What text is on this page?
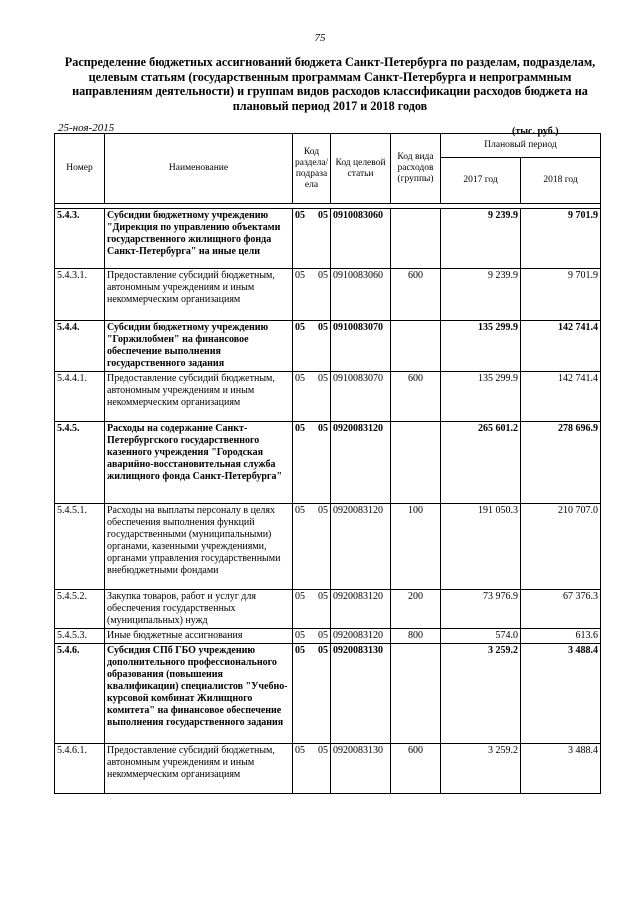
75
Распределение бюджетных ассигнований бюджета Санкт-Петербурга по разделам, подразделам, целевым статьям (государственным программам Санкт-Петербурга и непрограммным направлениям деятельности) и группам видов расходов классификации расходов бюджета на плановый период 2017 и 2018 годов
25-ноя-2015	(тыс. руб.)
Номер	Наименование	Код раздела/ подраза ела	Код целевой статьи	Код вида расходов (группы)	Плановый период	
					2017 год	2018 год

5.4.3.	Субсидии бюджетному учреждению "Дирекция по управлению объектами государственного жилищного фонда Санкт-Петербурга" на иные цели	05 05	0910083060		9 239.9	9 701.9
5.4.3.1.	Предоставление субсидий бюджетным, автономным учреждениям и иным некоммерческим организациям	05 05	0910083060	600	9 239.9	9 701.9
5.4.4.	Субсидии бюджетному учреждению "Горжилобмен" на финансовое обеспечение выполнения государственного задания	05 05	0910083070		135 299.9	142 741.4
5.4.4.1.	Предоставление субсидий бюджетным, автономным учреждениям и иным некоммерческим организациям	05 05	0910083070	600	135 299.9	142 741.4
5.4.5.	Расходы на содержание Санкт-Петербургского государственного казенного учреждения "Городская аварийно-восстановительная служба жилищного фонда Санкт-Петербурга"	05 05	0920083120		265 601.2	278 696.9
5.4.5.1.	Расходы на выплаты персоналу в целях обеспечения выполнения функций государственными (муниципальными) органами, казенными учреждениями, органами управления государственными внебюджетными фондами	05 05	0920083120	100	191 050.3	210 707.0
5.4.5.2.	Закупка товаров, работ и услуг для обеспечения государственных (муниципальных) нужд	05 05	0920083120	200	73 976.9	67 376.3
5.4.5.3.	Иные бюджетные ассигнования	05 05	0920083120	800	574.0	613.6
5.4.6.	Субсидия СПб ГБО учреждению дополнительного профессионального образования (повышения квалификации) специалистов "Учебно-курсовой комбинат Жилищного комитета" на финансовое обеспечение выполнения государственного задания	05 05	0920083130		3 259.2	3 488.4
5.4.6.1.	Предоставление субсидий бюджетным, автономным учреждениям и иным некоммерческим организациям	05 05	0920083130	600	3 259.2	3 488.4
